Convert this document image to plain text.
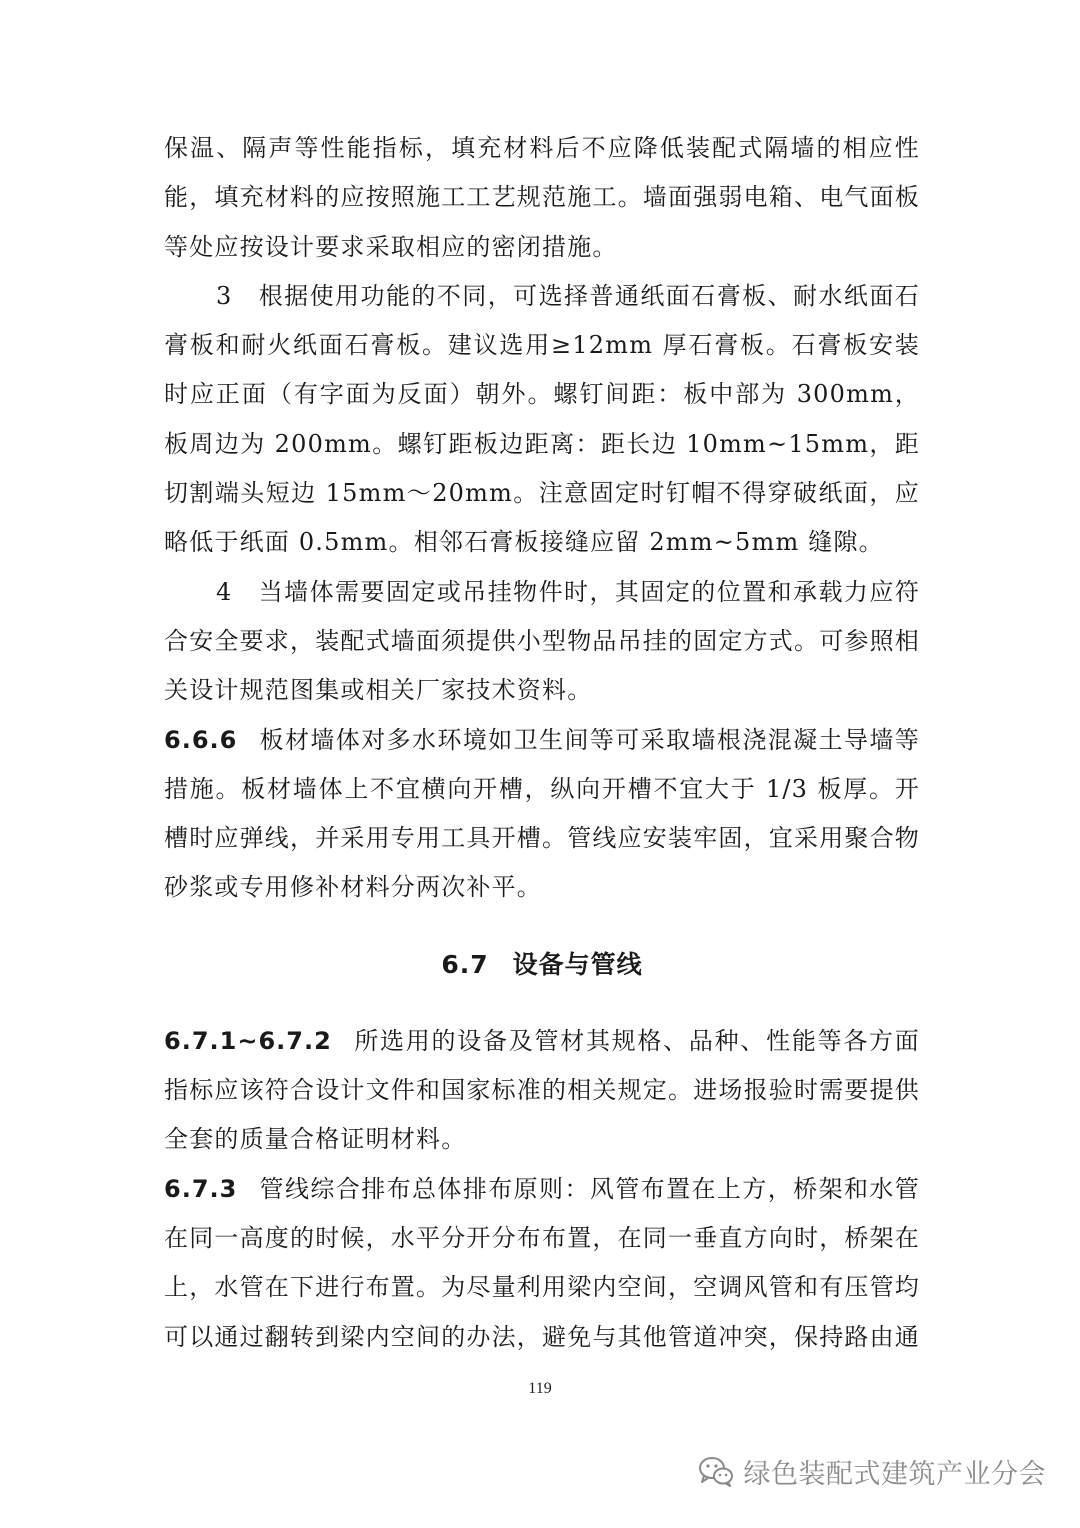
保温、隔声等性能指标，填充材料后不应降低装配式隔墙的相应性能，填充材料的应按照施工工艺规范施工。墙面强弱电箱、电气面板等处应按设计要求采取相应的密闭措施。

3 根据使用功能的不同，可选择普通纸面石膏板、耐水纸面石膏板和耐火纸面石膏板。建议选用≥12mm 厚石膏板。石膏板安装时应正面（有字面为反面）朝外。螺钉间距：板中部为 300mm，板周边为 200mm。螺钉距板边距离：距长边 10mm~15mm，距切割端头短边 15mm～20mm。注意固定时钉帽不得穿破纸面，应略低于纸面 0.5mm。相邻石膏板接缝应留 2mm~5mm 缝隙。

4 当墙体需要固定或吊挂物件时，其固定的位置和承载力应符合安全要求，装配式墙面须提供小型物品吊挂的固定方式。可参照相关设计规范图集或相关厂家技术资料。

6.6.6 板材墙体对多水环境如卫生间等可采取墙根浇混凝土导墙等措施。板材墙体上不宜横向开槽，纵向开槽不宜大于 1/3 板厚。开槽时应弹线，并采用专用工具开槽。管线应安装牢固，宜采用聚合物砂浆或专用修补材料分两次补平。

6.7 设备与管线

6.7.1~6.7.2 所选用的设备及管材其规格、品种、性能等各方面指标应该符合设计文件和国家标准的相关规定。进场报验时需要提供全套的质量合格证明材料。

6.7.3 管线综合排布总体排布原则：风管布置在上方，桥架和水管在同一高度的时候，水平分开分布布置，在同一垂直方向时，桥架在上，水管在下进行布置。为尽量利用梁内空间，空调风管和有压管均可以通过翻转到梁内空间的办法，避免与其他管道冲突，保持路由通

119
绿色装配式建筑产业分会
